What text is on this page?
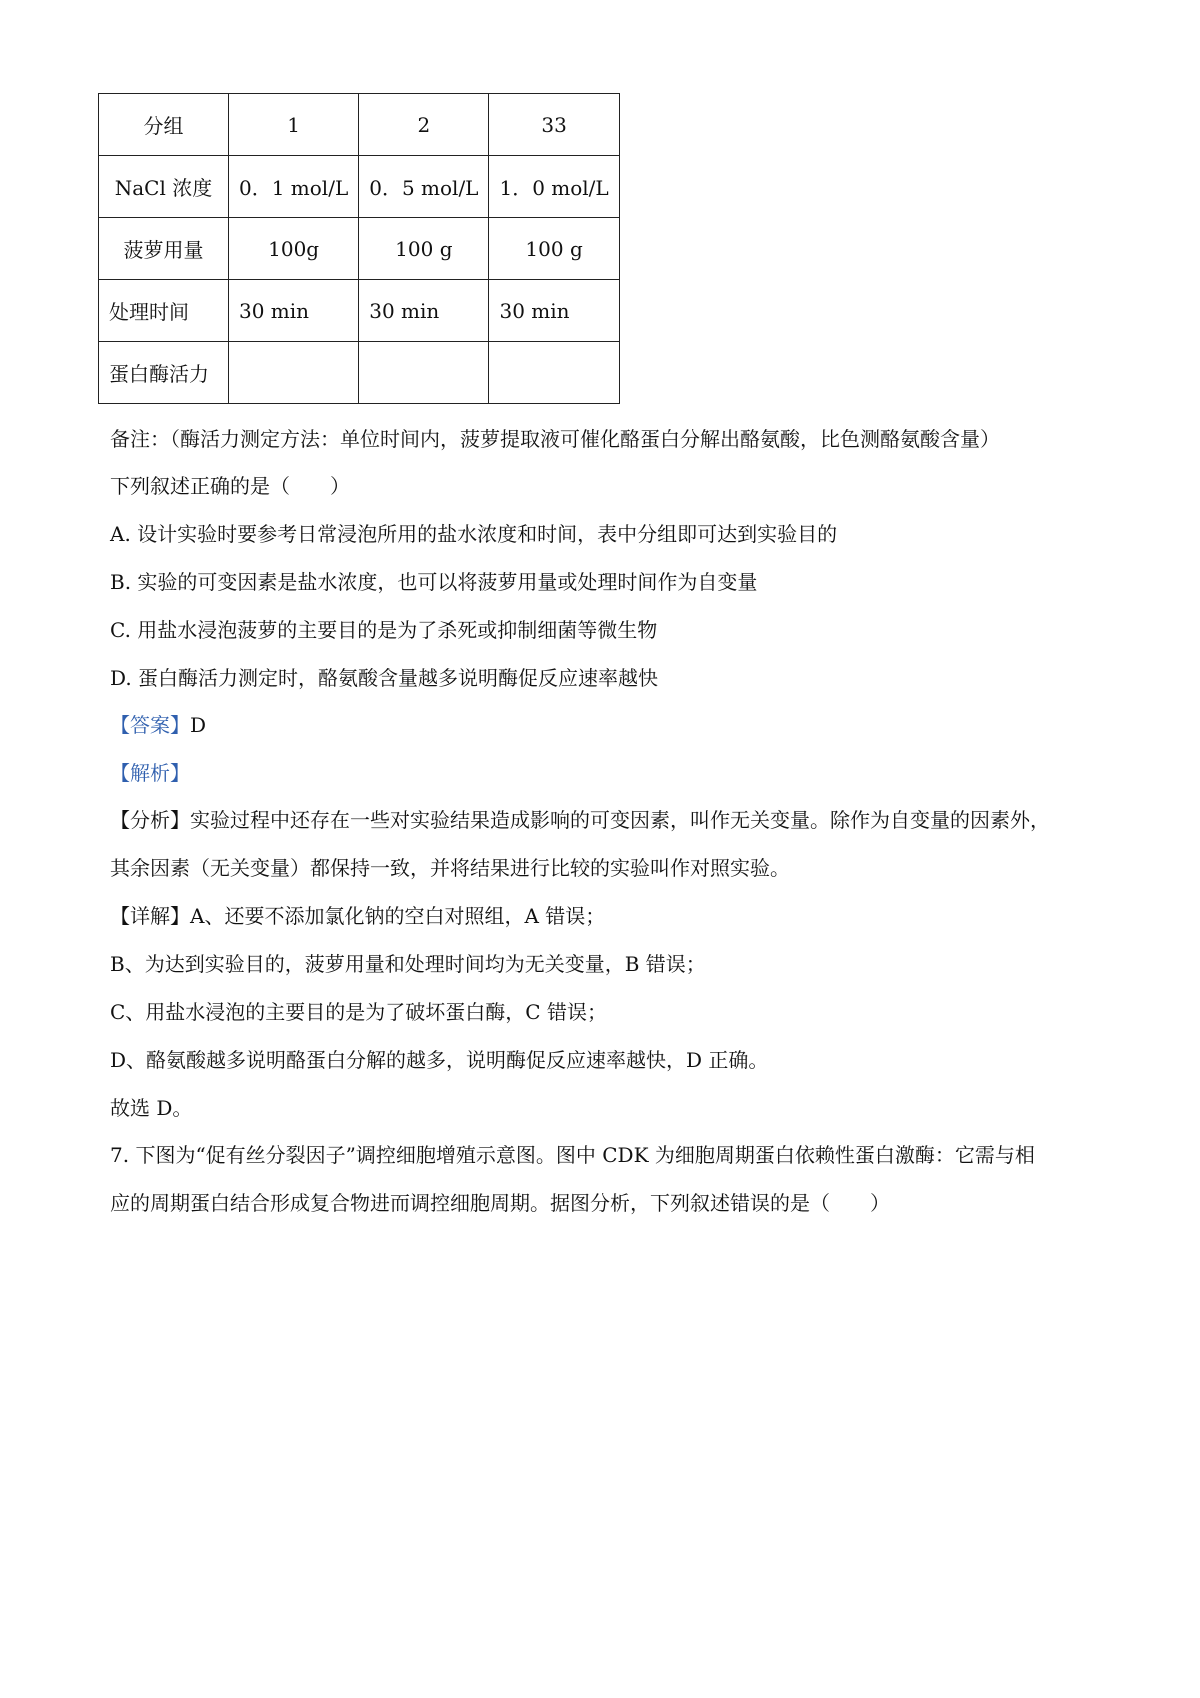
分组	1	2	33
NaCl 浓度	0．1 mol/L	0．5 mol/L	1．0 mol/L
菠萝用量	100g	100 g	100 g
处理时间	30 min	30 min	30 min
蛋白酶活力			
备注：（酶活力测定方法：单位时间内，菠萝提取液可催化酪蛋白分解出酪氨酸，比色测酪氨酸含量）
下列叙述正确的是（　　）
A. 设计实验时要参考日常浸泡所用的盐水浓度和时间，表中分组即可达到实验目的
B. 实验的可变因素是盐水浓度，也可以将菠萝用量或处理时间作为自变量
C. 用盐水浸泡菠萝的主要目的是为了杀死或抑制细菌等微生物
D. 蛋白酶活力测定时，酪氨酸含量越多说明酶促反应速率越快
【答案】D
【解析】
【分析】实验过程中还存在一些对实验结果造成影响的可变因素，叫作无关变量。除作为自变量的因素外，
其余因素（无关变量）都保持一致，并将结果进行比较的实验叫作对照实验。
【详解】A、还要不添加氯化钠的空白对照组，A 错误；
B、为达到实验目的，菠萝用量和处理时间均为无关变量，B 错误；
C、用盐水浸泡的主要目的是为了破坏蛋白酶，C 错误；
D、酪氨酸越多说明酪蛋白分解的越多，说明酶促反应速率越快，D 正确。
故选 D。
7. 下图为“促有丝分裂因子”调控细胞增殖示意图。图中 CDK 为细胞周期蛋白依赖性蛋白激酶：它需与相
应的周期蛋白结合形成复合物进而调控细胞周期。据图分析，下列叙述错误的是（　　）
